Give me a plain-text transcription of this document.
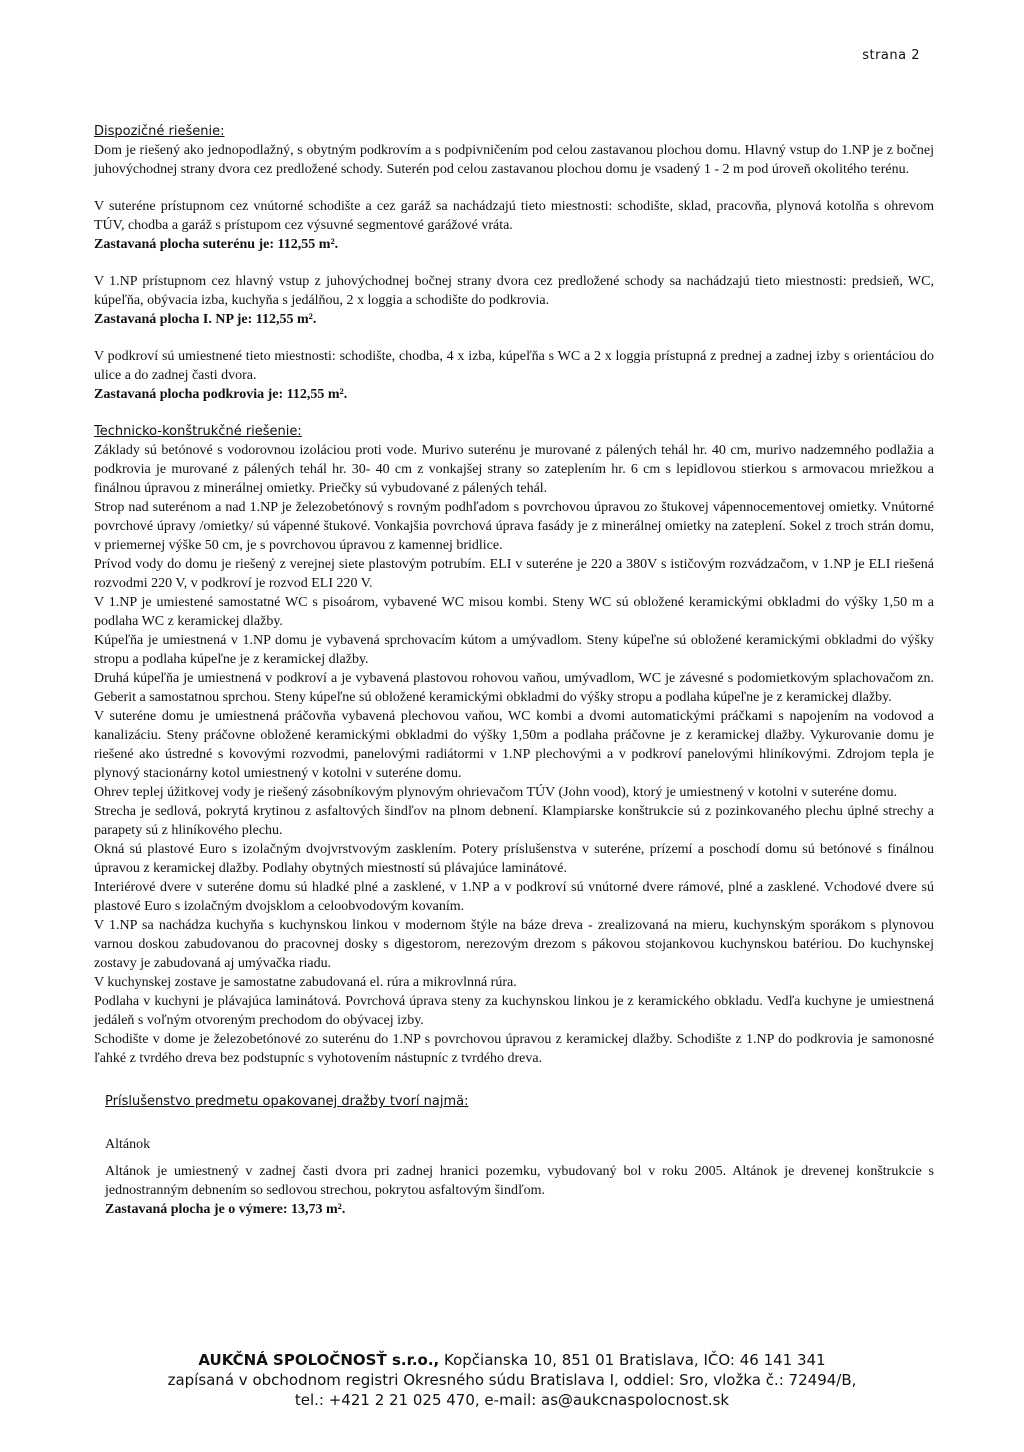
strana 2

Dispozičné riešenie:

Dom je riešený ako jednopodlažný, s obytným podkrovím a s podpivničením pod celou zastavanou plochou domu. Hlavný vstup do 1.NP je z bočnej juhovýchodnej strany dvora cez predložené schody. Suterén pod celou zastavanou plochou domu je vsadený 1 - 2 m pod úroveň okolitého terénu.

V suteréne prístupnom cez vnútorné schodište a cez garáž sa nachádzajú tieto miestnosti: schodište, sklad, pracovňa, plynová kotolňa s ohrevom TÚV, chodba a garáž s prístupom cez výsuvné segmentové garážové vráta.

Zastavaná plocha suterénu je: 112,55 m².

V 1.NP prístupnom cez hlavný vstup z juhovýchodnej bočnej strany dvora cez predložené schody sa nachádzajú tieto miestnosti: predsieň, WC, kúpeľňa, obývacia izba, kuchyňa s jedálňou, 2 x loggia a schodište do podkrovia.

Zastavaná plocha I. NP je: 112,55 m².

V podkroví sú umiestnené tieto miestnosti: schodište, chodba, 4 x izba, kúpeľňa s WC a 2 x loggia prístupná z prednej a zadnej izby s orientáciou do ulice a do zadnej časti dvora.

Zastavaná plocha podkrovia je: 112,55 m².

Technicko-konštrukčné riešenie:

Základy sú betónové s vodorovnou izoláciou proti vode. Murivo suterénu je murované z pálených tehál hr. 40 cm, murivo nadzemného podlažia a podkrovia je murované z pálených tehál hr. 30- 40 cm z vonkajšej strany so zateplením hr. 6 cm s lepidlovou stierkou s armovacou mriežkou a finálnou úpravou z minerálnej omietky. Priečky sú vybudované z pálených tehál.

Strop nad suterénom a nad 1.NP je železobetónový s rovným podhľadom s povrchovou úpravou zo štukovej vápennocementovej omietky. Vnútorné povrchové úpravy /omietky/ sú vápenné štukové. Vonkajšia povrchová úprava fasády je z minerálnej omietky na zateplení. Sokel z troch strán domu, v priemernej výške 50 cm, je s povrchovou úpravou z kamennej bridlice.

Prívod vody do domu je riešený z verejnej siete plastovým potrubím. ELI v suteréne je 220 a 380V s ističovým rozvádzačom, v 1.NP je ELI riešená rozvodmi 220 V, v podkroví je rozvod ELI 220 V.

V 1.NP je umiestené samostatné WC s pisoárom, vybavené WC misou kombi. Steny WC sú obložené keramickými obkladmi do výšky 1,50 m a podlaha WC z keramickej dlažby.

Kúpeľňa je umiestnená v 1.NP domu je vybavená sprchovacím kútom a umývadlom. Steny kúpeľne sú obložené keramickými obkladmi do výšky stropu a podlaha kúpeľne je z keramickej dlažby.

Druhá kúpeľňa je umiestnená v podkroví a je vybavená plastovou rohovou vaňou, umývadlom, WC je závesné s podomietkovým splachovačom zn. Geberit a samostatnou sprchou. Steny kúpeľne sú obložené keramickými obkladmi do výšky stropu a podlaha kúpeľne je z keramickej dlažby.

V suteréne domu je umiestnená práčovňa vybavená plechovou vaňou, WC kombi a dvomi automatickými práčkami s napojením na vodovod a kanalizáciu. Steny práčovne obložené keramickými obkladmi do výšky 1,50m a podlaha práčovne je z keramickej dlažby. Vykurovanie domu je riešené ako ústredné s kovovými rozvodmi, panelovými radiátormi v 1.NP plechovými a v podkroví panelovými hliníkovými. Zdrojom tepla je plynový stacionárny kotol umiestnený v kotolni v suteréne domu.

Ohrev teplej úžitkovej vody je riešený zásobníkovým plynovým ohrievačom TÚV (John vood), ktorý je umiestnený v kotolni v suteréne domu.

Strecha je sedlová, pokrytá krytinou z asfaltových šindľov na plnom debnení. Klampiarske konštrukcie sú z pozinkovaného plechu úplné strechy a parapety sú z hliníkového plechu.

Okná sú plastové Euro s izolačným dvojvrstvovým zasklením. Potery príslušenstva v suteréne, prízemí a poschodí domu sú betónové s finálnou úpravou z keramickej dlažby. Podlahy obytných miestností sú plávajúce laminátové.

Interiérové dvere v suteréne domu sú hladké plné a zasklené, v 1.NP a v podkroví sú vnútorné dvere rámové, plné a zasklené. Vchodové dvere sú plastové Euro s izolačným dvojsklom a celoobvodovým kovaním.

V 1.NP sa nachádza kuchyňa s kuchynskou linkou v modernom štýle na báze dreva - zrealizovaná na mieru, kuchynským sporákom s plynovou varnou doskou zabudovanou do pracovnej dosky s digestorom, nerezovým drezom s pákovou stojankovou kuchynskou batériou. Do kuchynskej zostavy je zabudovaná aj umývačka riadu.

V kuchynskej zostave je samostatne zabudovaná el. rúra a mikrovlnná rúra.

Podlaha v kuchyni je plávajúca laminátová. Povrchová úprava steny za kuchynskou linkou je z keramického obkladu. Vedľa kuchyne je umiestnená jedáleň s voľným otvoreným prechodom do obývacej izby.

Schodište v dome je železobetónové zo suterénu do 1.NP s povrchovou úpravou z keramickej dlažby. Schodište z 1.NP do podkrovia je samonosné ľahké z tvrdého dreva bez podstupníc s vyhotovením nástupníc z tvrdého dreva.

Príslušenstvo predmetu opakovanej dražby tvorí najmä:

Altánok

Altánok je umiestnený v zadnej časti dvora pri zadnej hranici pozemku, vybudovaný bol v roku 2005. Altánok je drevenej konštrukcie s jednostranným debnením so sedlovou strechou, pokrytou asfaltovým šindľom.

Zastavaná plocha je o výmere: 13,73 m².

AUKČNÁ SPOLOČNOSŤ s.r.o., Kopčianska 10, 851 01 Bratislava, IČO: 46 141 341
zapísaná v obchodnom registri Okresného súdu Bratislava I, oddiel: Sro, vložka č.: 72494/B,
tel.: +421 2 21 025 470, e-mail: as@aukcnaspolocnost.sk
